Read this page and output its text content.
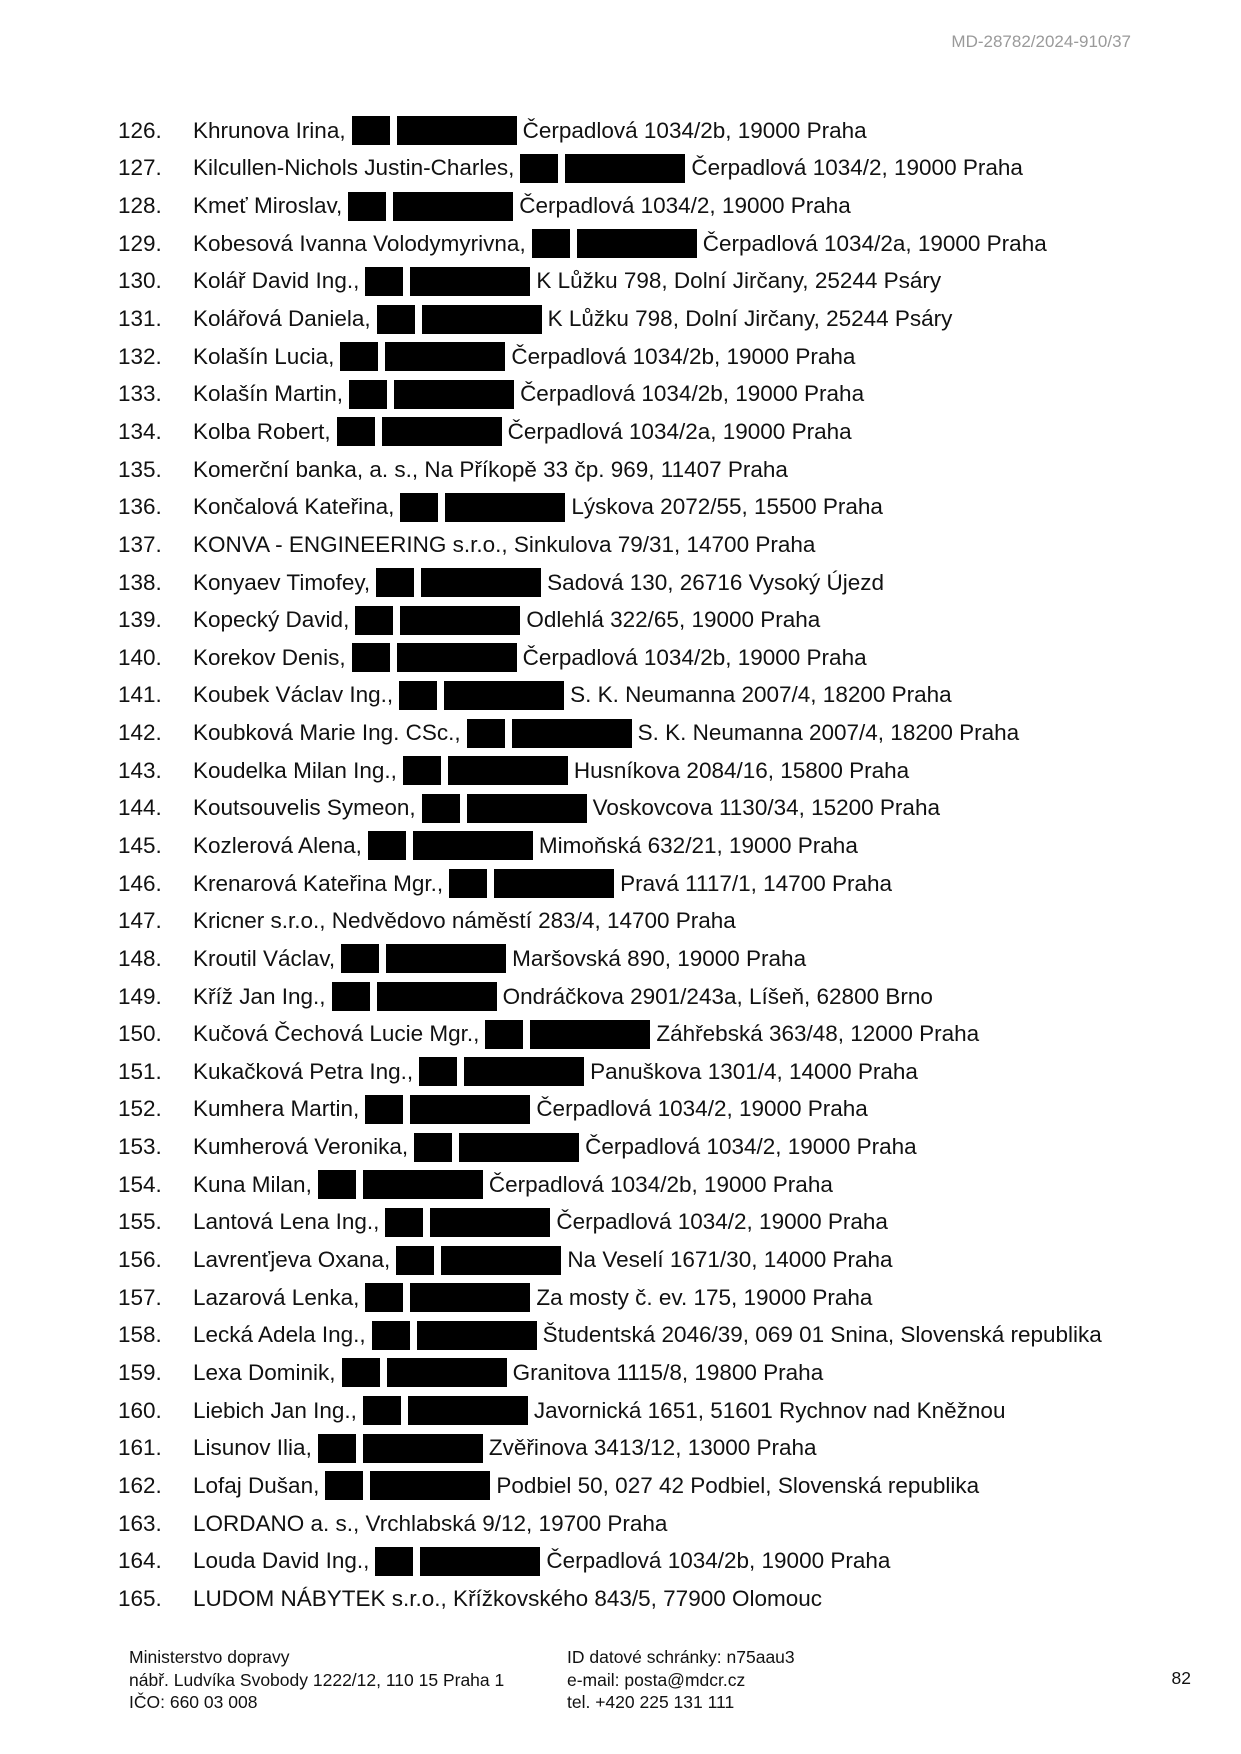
MD-28782/2024-910/37
126.	Khrunova Irina,	Čerpadlová 1034/2b, 19000 Praha
127.	Kilcullen-Nichols Justin-Charles,	Čerpadlová 1034/2, 19000 Praha
128.	Kmeť Miroslav,	Čerpadlová 1034/2, 19000 Praha
129.	Kobesová Ivanna Volodymyrivna,	Čerpadlová 1034/2a, 19000 Praha
130.	Kolář David Ing.,	K Lůžku 798, Dolní Jirčany, 25244 Psáry
131.	Kolářová Daniela,	K Lůžku 798, Dolní Jirčany, 25244 Psáry
132.	Kolašín Lucia,	Čerpadlová 1034/2b, 19000 Praha
133.	Kolašín Martin,	Čerpadlová 1034/2b, 19000 Praha
134.	Kolba Robert,	Čerpadlová 1034/2a, 19000 Praha
135.	Komerční banka, a. s., Na Příkopě 33 čp. 969, 11407 Praha
136.	Končalová Kateřina,	Lýskova 2072/55, 15500 Praha
137.	KONVA - ENGINEERING s.r.o., Sinkulova 79/31, 14700 Praha
138.	Konyaev Timofey,	Sadová 130, 26716 Vysoký Újezd
139.	Kopecký David,	Odlehlá 322/65, 19000 Praha
140.	Korekov Denis,	Čerpadlová 1034/2b, 19000 Praha
141.	Koubek Václav Ing.,	S. K. Neumanna 2007/4, 18200 Praha
142.	Koubková Marie Ing. CSc.,	S. K. Neumanna 2007/4, 18200 Praha
143.	Koudelka Milan Ing.,	Husníkova 2084/16, 15800 Praha
144.	Koutsouvelis Symeon,	Voskovcova 1130/34, 15200 Praha
145.	Kozlerová Alena,	Mimoňská 632/21, 19000 Praha
146.	Krenarová Kateřina Mgr.,	Pravá 1117/1, 14700 Praha
147.	Kricner s.r.o., Nedvědovo náměstí 283/4, 14700 Praha
148.	Kroutil Václav,	Maršovská 890, 19000 Praha
149.	Kříž Jan Ing.,	Ondráčkova 2901/243a, Líšeň, 62800 Brno
150.	Kučová Čechová Lucie Mgr.,	Záhřebská 363/48, 12000 Praha
151.	Kukačková Petra Ing.,	Panuškova 1301/4, 14000 Praha
152.	Kumhera Martin,	Čerpadlová 1034/2, 19000 Praha
153.	Kumherová Veronika,	Čerpadlová 1034/2, 19000 Praha
154.	Kuna Milan,	Čerpadlová 1034/2b, 19000 Praha
155.	Lantová Lena Ing.,	Čerpadlová 1034/2, 19000 Praha
156.	Lavrenťjeva Oxana,	Na Veselí 1671/30, 14000 Praha
157.	Lazarová Lenka,	Za mosty č. ev. 175, 19000 Praha
158.	Lecká Adela Ing.,	Študentská 2046/39, 069 01 Snina, Slovenská republika
159.	Lexa Dominik,	Granitova 1115/8, 19800 Praha
160.	Liebich Jan Ing.,	Javornická 1651, 51601 Rychnov nad Kněžnou
161.	Lisunov Ilia,	Zvěřinova 3413/12, 13000 Praha
162.	Lofaj Dušan,	Podbiel 50, 027 42 Podbiel, Slovenská republika
163.	LORDANO a. s., Vrchlabská 9/12, 19700 Praha
164.	Louda David Ing.,	Čerpadlová 1034/2b, 19000 Praha
165.	LUDOM NÁBYTEK s.r.o., Křížkovského 843/5, 77900 Olomouc
Ministerstvo dopravy
nábř. Ludvíka Svobody 1222/12, 110 15 Praha 1
IČO: 660 03 008
ID datové schránky: n75aau3
e-mail: posta@mdcr.cz
tel. +420 225 131 111
82
